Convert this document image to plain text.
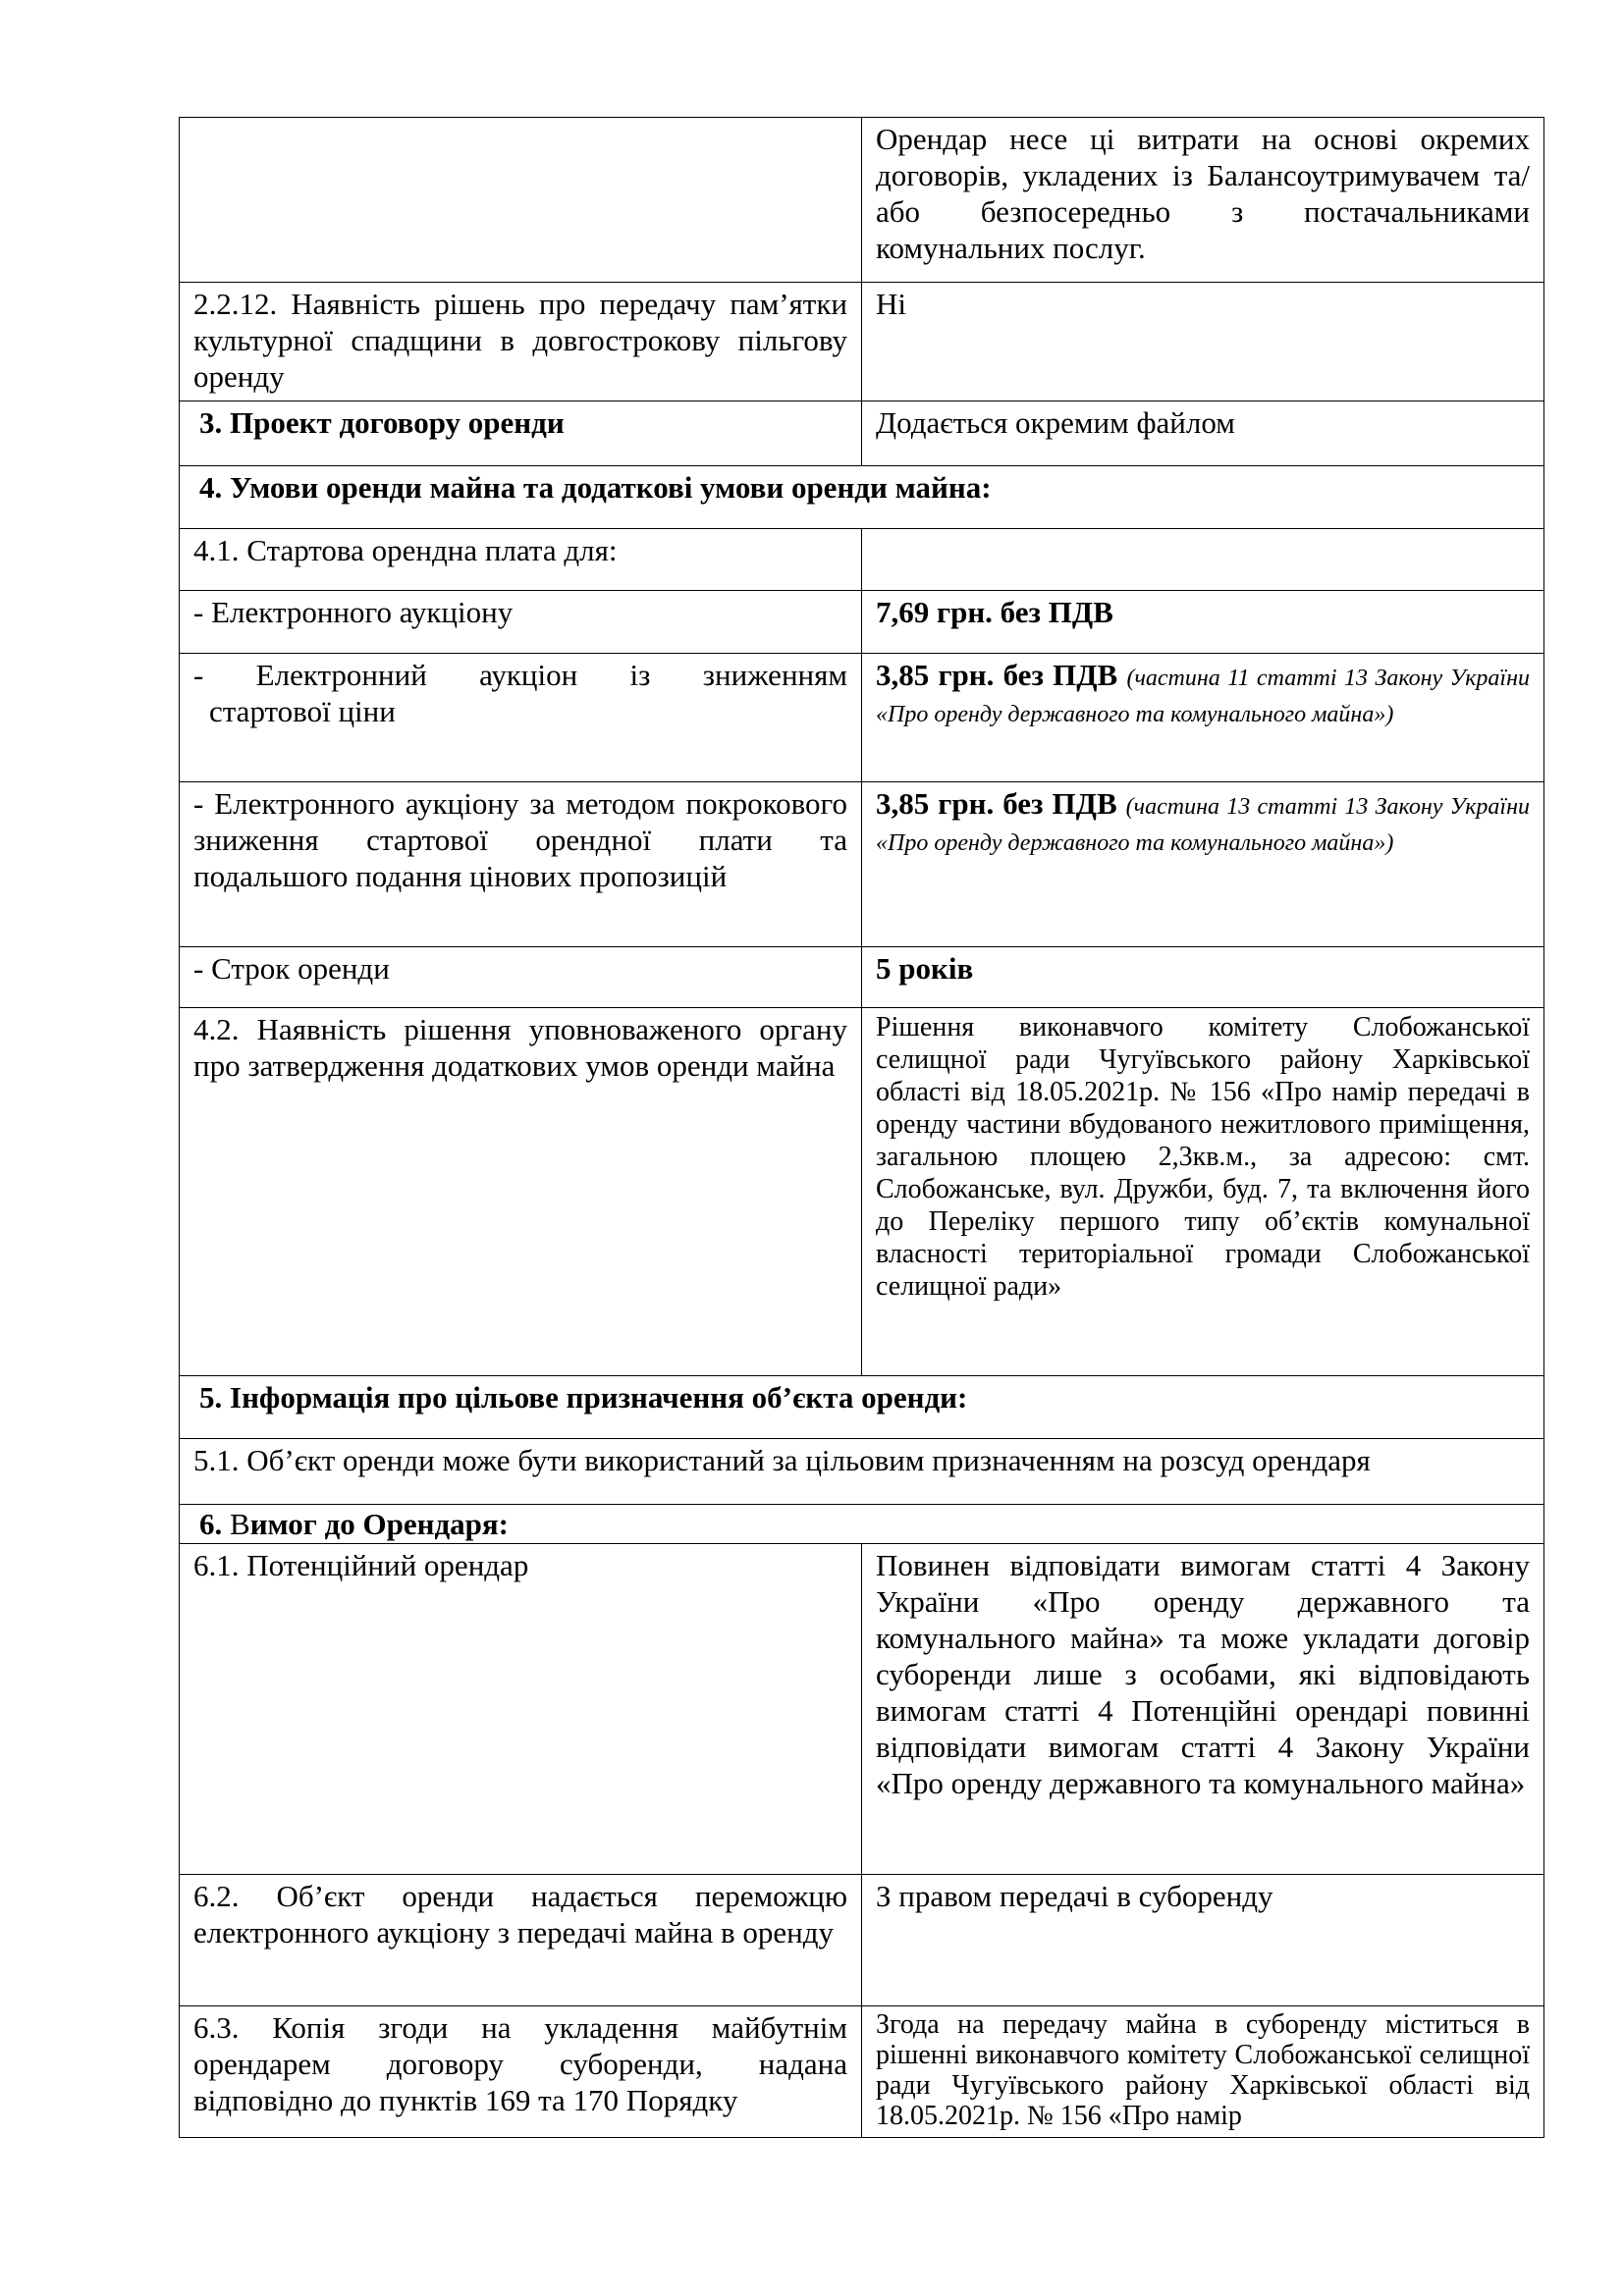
	Орендар несе ці витрати на основі окремих договорів, укладених із Балансоутримувачем та/або безпосередньо з постачальниками комунальних послуг.
2.2.12. Наявність рішень про передачу пам’ятки культурної спадщини в довгострокову пільгову оренду	Ні
3. Проект договору оренди	Додається окремим файлом
4. Умови оренди майна та додаткові умови оренди майна:	
4.1. Стартова орендна плата для:	
- Електронного аукціону	7,69 грн. без ПДВ

- Електронний аукціон із зниженням
стартової ціни	3,85 грн. без ПДВ (частина 11 статті 13 Закону України «Про оренду державного та комунального майна»)
- Електронного аукціону за методом покрокового зниження стартової орендної плати та подальшого подання цінових пропозицій	3,85 грн. без ПДВ (частина 13 статті 13 Закону України «Про оренду державного та комунального майна»)
- Строк оренди	5 років
4.2. Наявність рішення уповноваженого органу про затвердження додаткових умов оренди майна	Рішення виконавчого комітету Слобожанської селищної ради Чугуївського району Харківської області від 18.05.2021р. № 156 «Про намір передачі в оренду частини вбудованого нежитлового приміщення, загальною площею 2,3кв.м., за адресою: смт. Слобожанське, вул. Дружби, буд. 7, та включення його до Переліку першого типу об’єктів комунальної власності територіальної громади Слобожанської селищної ради»
5. Інформація про цільове призначення об’єкта оренди:	
5.1. Об’єкт оренди може бути використаний за цільовим призначенням на розсуд орендаря	
6. Вимог до Орендаря:	
6.1. Потенційний орендар	Повинен відповідати вимогам статті 4 Закону України «Про оренду державного та комунального майна» та може укладати договір суборенди лише з особами, які відповідають вимогам статті 4 Потенційні орендарі повинні відповідати вимогам статті 4 Закону України «Про оренду державного та комунального майна»
6.2. Об’єкт оренди надається переможцю електронного аукціону з передачі майна в оренду	З правом передачі в суборенду
6.3. Копія згоди на укладення майбутнім орендарем договору суборенди, надана відповідно до пунктів 169 та 170 Порядку	Згода на передачу майна в суборенду міститься в рішенні виконавчого комітету Слобожанської селищної ради Чугуївського району Харківської області від 18.05.2021р. № 156 «Про намір
